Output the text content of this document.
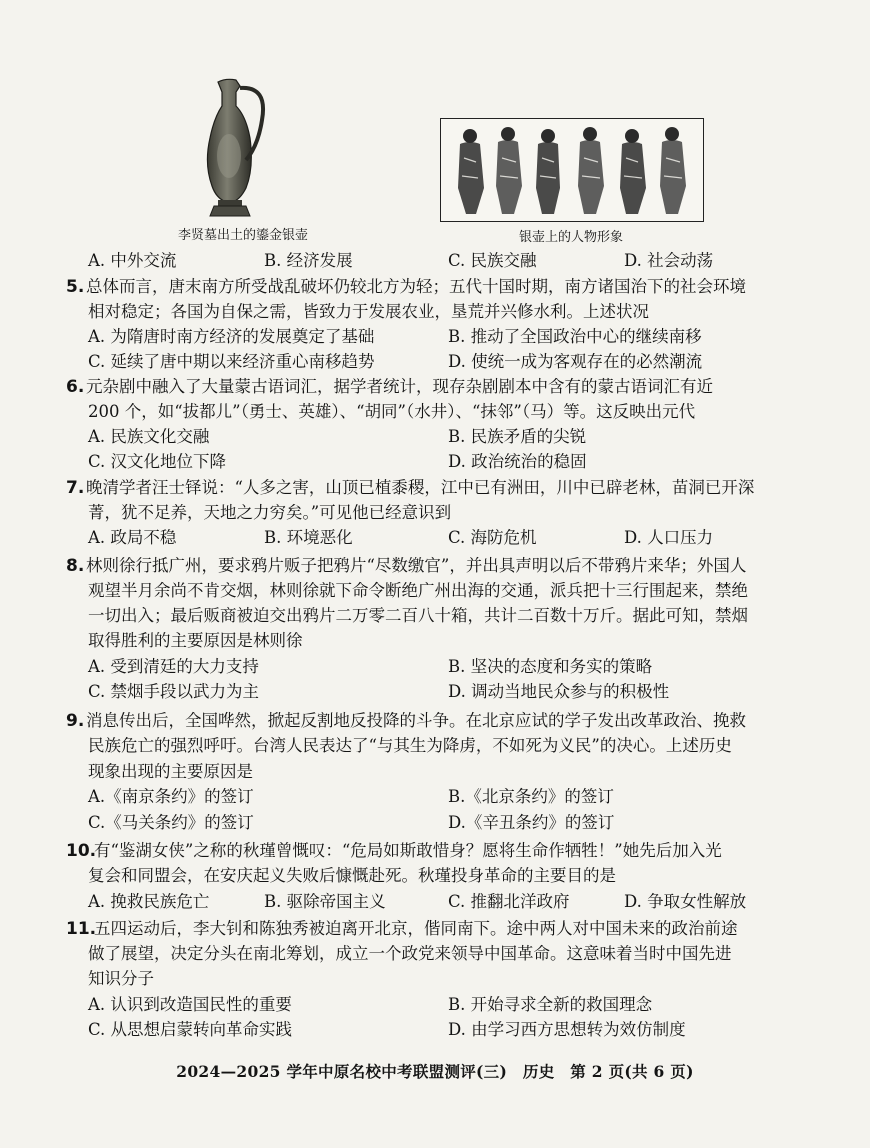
李贤墓出土的鎏金银壶	银壶上的人物形象
A. 中外交流	B. 经济发展	C. 民族交融	D. 社会动荡
5. 总体而言，唐末南方所受战乱破坏仍较北方为轻；五代十国时期，南方诸国治下的社会环境
相对稳定；各国为自保之需，皆致力于发展农业，垦荒并兴修水利。上述状况
A. 为隋唐时南方经济的发展奠定了基础	B. 推动了全国政治中心的继续南移
C. 延续了唐中期以来经济重心南移趋势	D. 使统一成为客观存在的必然潮流
6. 元杂剧中融入了大量蒙古语词汇，据学者统计，现存杂剧剧本中含有的蒙古语词汇有近
200 个，如“拔都儿”（勇士、英雄）、“胡同”（水井）、“抹邻”（马）等。这反映出元代
A. 民族文化交融	B. 民族矛盾的尖锐
C. 汉文化地位下降	D. 政治统治的稳固
7. 晚清学者汪士铎说：“人多之害，山顶已植黍稷，江中已有洲田，川中已辟老林，苗洞已开深
菁，犹不足养，天地之力穷矣。”可见他已经意识到
A. 政局不稳	B. 环境恶化	C. 海防危机	D. 人口压力
8. 林则徐行抵广州，要求鸦片贩子把鸦片“尽数缴官”，并出具声明以后不带鸦片来华；外国人
观望半月余尚不肯交烟，林则徐就下命令断绝广州出海的交通，派兵把十三行围起来，禁绝
一切出入；最后贩商被迫交出鸦片二万零二百八十箱，共计二百数十万斤。据此可知，禁烟
取得胜利的主要原因是林则徐
A. 受到清廷的大力支持	B. 坚决的态度和务实的策略
C. 禁烟手段以武力为主	D. 调动当地民众参与的积极性
9. 消息传出后，全国哗然，掀起反割地反投降的斗争。在北京应试的学子发出改革政治、挽救
民族危亡的强烈呼吁。台湾人民表达了“与其生为降虏，不如死为义民”的决心。上述历史
现象出现的主要原因是
A.《南京条约》的签订	B.《北京条约》的签订
C.《马关条约》的签订	D.《辛丑条约》的签订
10.
有“鉴湖女侠”之称的秋瑾曾慨叹：“危局如斯敢惜身？愿将生命作牺牲！”她先后加入光
复会和同盟会，在安庆起义失败后慷慨赴死。秋瑾投身革命的主要目的是
A. 挽救民族危亡	B. 驱除帝国主义	C. 推翻北洋政府	D. 争取女性解放
11.
五四运动后，李大钊和陈独秀被迫离开北京，偕同南下。途中两人对中国未来的政治前途
做了展望，决定分头在南北筹划，成立一个政党来领导中国革命。这意味着当时中国先进
知识分子
A. 认识到改造国民性的重要	B. 开始寻求全新的救国理念
C. 从思想启蒙转向革命实践	D. 由学习西方思想转为效仿制度
2024—2025 学年中原名校中考联盟测评(三)　历史　第 2 页(共 6 页)
